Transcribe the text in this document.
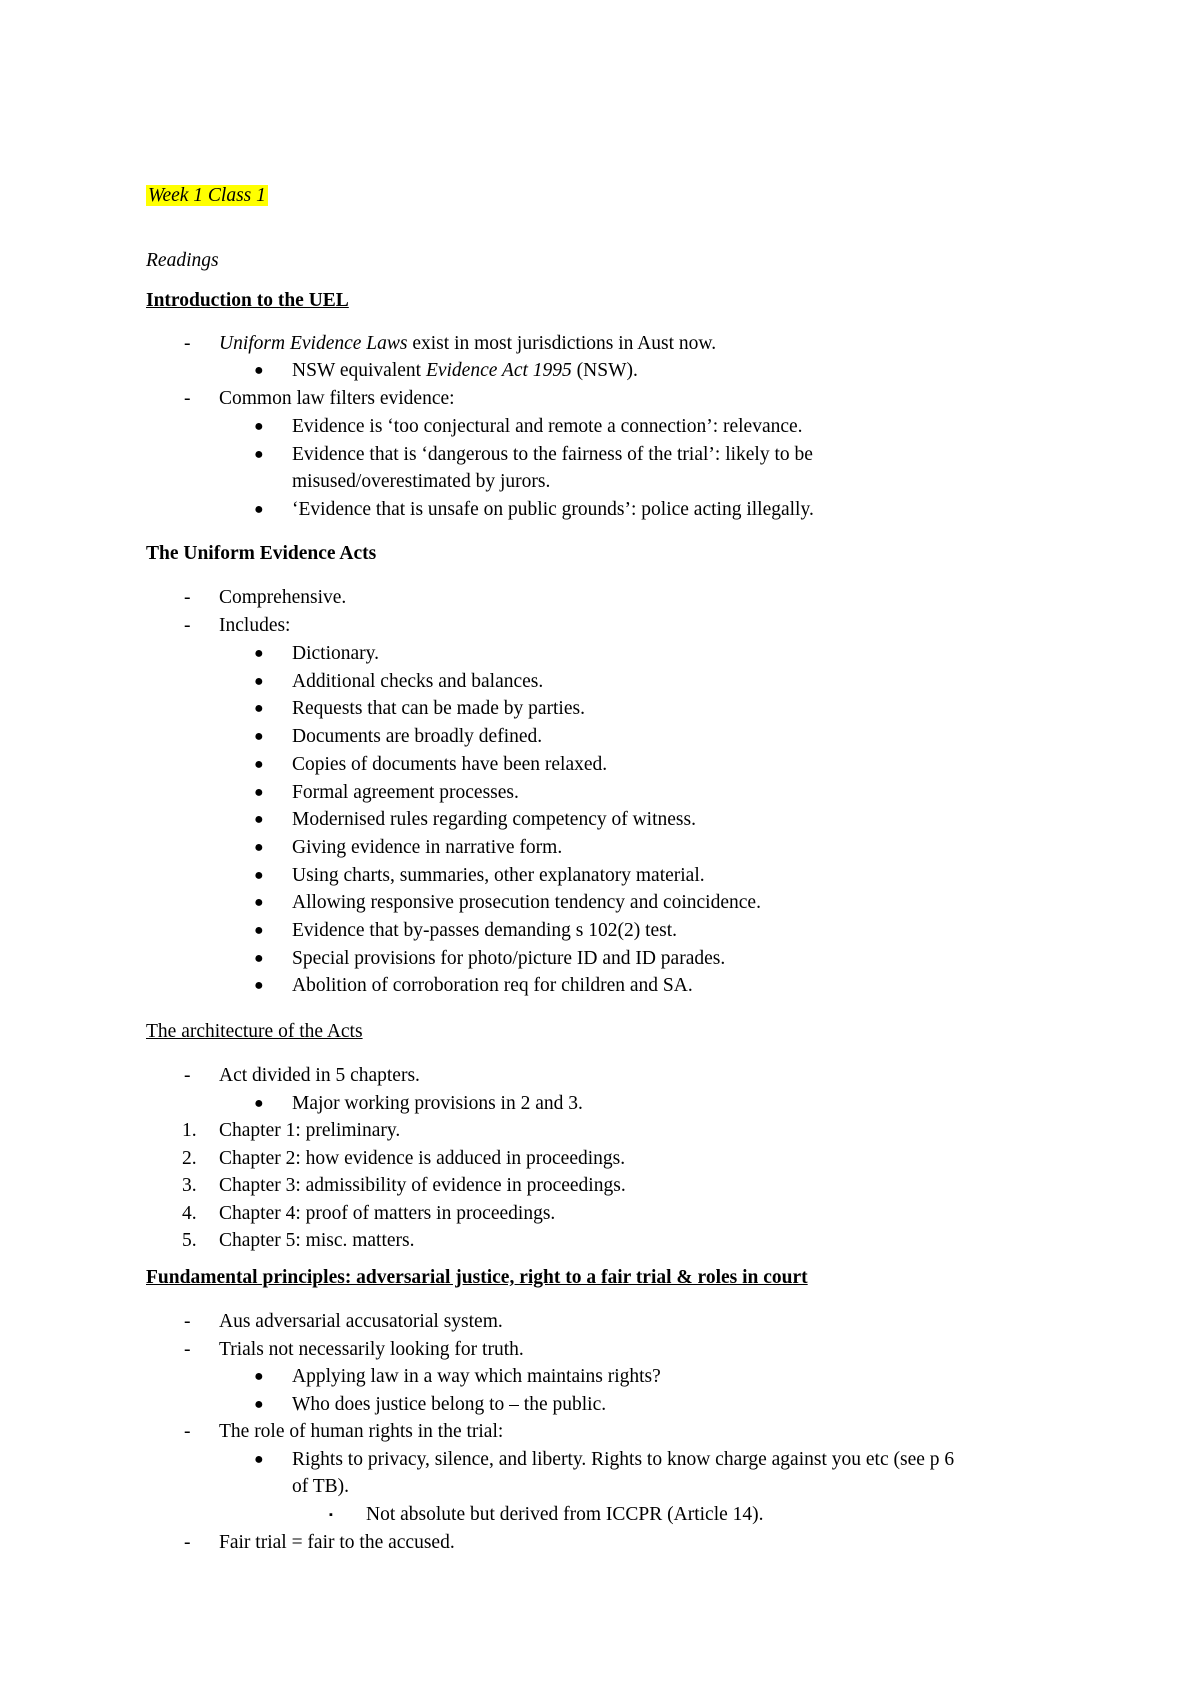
Week 1 Class 1
Readings
Introduction to the UEL
- Uniform Evidence Laws exist in most jurisdictions in Aust now.
● NSW equivalent Evidence Act 1995 (NSW).
- Common law filters evidence:
● Evidence is ‘too conjectural and remote a connection’: relevance.
● Evidence that is ‘dangerous to the fairness of the trial’: likely to be
misused/overestimated by jurors.
● ‘Evidence that is unsafe on public grounds’: police acting illegally.
The Uniform Evidence Acts
- Comprehensive.
- Includes:
The architecture of the Acts
- Act divided in 5 chapters.
● Major working provisions in 2 and 3.
Fundamental principles: adversarial justice, right to a fair trial & roles in court
- Aus adversarial accusatorial system.
- Trials not necessarily looking for truth.
● Applying law in a way which maintains rights?
● Who does justice belong to – the public.
- The role of human rights in the trial:
● Rights to privacy, silence, and liberty. Rights to know charge against you etc (see p 6
of TB).
▪ Not absolute but derived from ICCPR (Article 14).
- Fair trial = fair to the accused.
● Dictionary.
● Additional checks and balances.
● Requests that can be made by parties.
● Documents are broadly defined.
● Copies of documents have been relaxed.
● Formal agreement processes.
● Modernised rules regarding competency of witness.
● Giving evidence in narrative form.
● Using charts, summaries, other explanatory material.
● Allowing responsive prosecution tendency and coincidence.
● Evidence that by-passes demanding s 102(2) test.
● Special provisions for photo/picture ID and ID parades.
● Abolition of corroboration req for children and SA.
1. Chapter 1: preliminary.
2. Chapter 2: how evidence is adduced in proceedings.
3. Chapter 3: admissibility of evidence in proceedings.
4. Chapter 4: proof of matters in proceedings.
5. Chapter 5: misc. matters.
